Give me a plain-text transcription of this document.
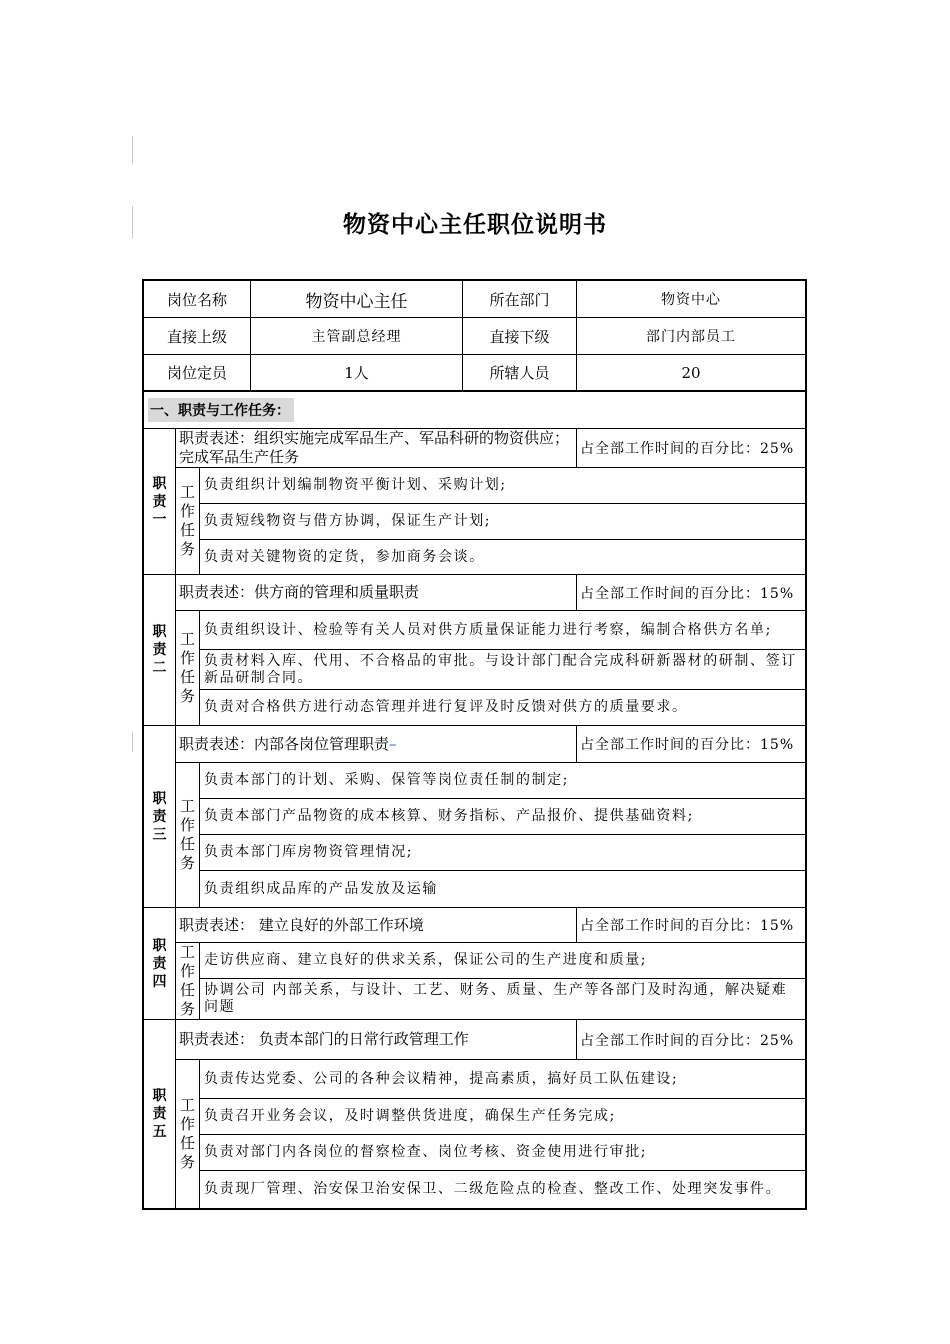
物资中心主任职位说明书
岗位名称	物资中心主任	所在部门	物资中心
直接上级	主管副总经理	直接下级	部门内部员工
岗位定员	1人	所辖人员	20
一、职责与工作任务：
职责一
职责表述：组织实施完成军品生产、军品科研的物资供应；完成军品生产任务	占全部工作时间的百分比：25%
工作任务
负责组织计划编制物资平衡计划、采购计划;
负责短线物资与借方协调，保证生产计划;
负责对关键物资的定货，参加商务会谈。
职责二
职责表述：供方商的管理和质量职责	占全部工作时间的百分比：15%
工作任务
负责组织设计、检验等有关人员对供方质量保证能力进行考察，编制合格供方名单;
负责材料入库、代用、不合格品的审批。与设计部门配合完成科研新器材的研制、签订新品研制合同。
负责对合格供方进行动态管理并进行复评及时反馈对供方的质量要求。
职责三
职责表述：内部各岗位管理职责 –	占全部工作时间的百分比：15%
工作任务
负责本部门的计划、采购、保管等岗位责任制的制定;
负责本部门产品物资的成本核算、财务指标、产品报价、提供基础资料;
负责本部门库房物资管理情况;
负责组织成品库的产品发放及运输
职责四
职责表述： 建立良好的外部工作环境	占全部工作时间的百分比：15%
工作任务
走访供应商、建立良好的供求关系，保证公司的生产进度和质量;
协调公司 内部关系，与设计、工艺、财务、质量、生产等各部门及时沟通，解决疑难问题
职责五
职责表述： 负责本部门的日常行政管理工作	占全部工作时间的百分比：25%
工作任务
负责传达党委、公司的各种会议精神，提高素质，搞好员工队伍建设;
负责召开业务会议，及时调整供货进度，确保生产任务完成;
负责对部门内各岗位的督察检查、岗位考核、资金使用进行审批;
负责现厂管理、治安保卫治安保卫、二级危险点的检查、整改工作、处理突发事件。
